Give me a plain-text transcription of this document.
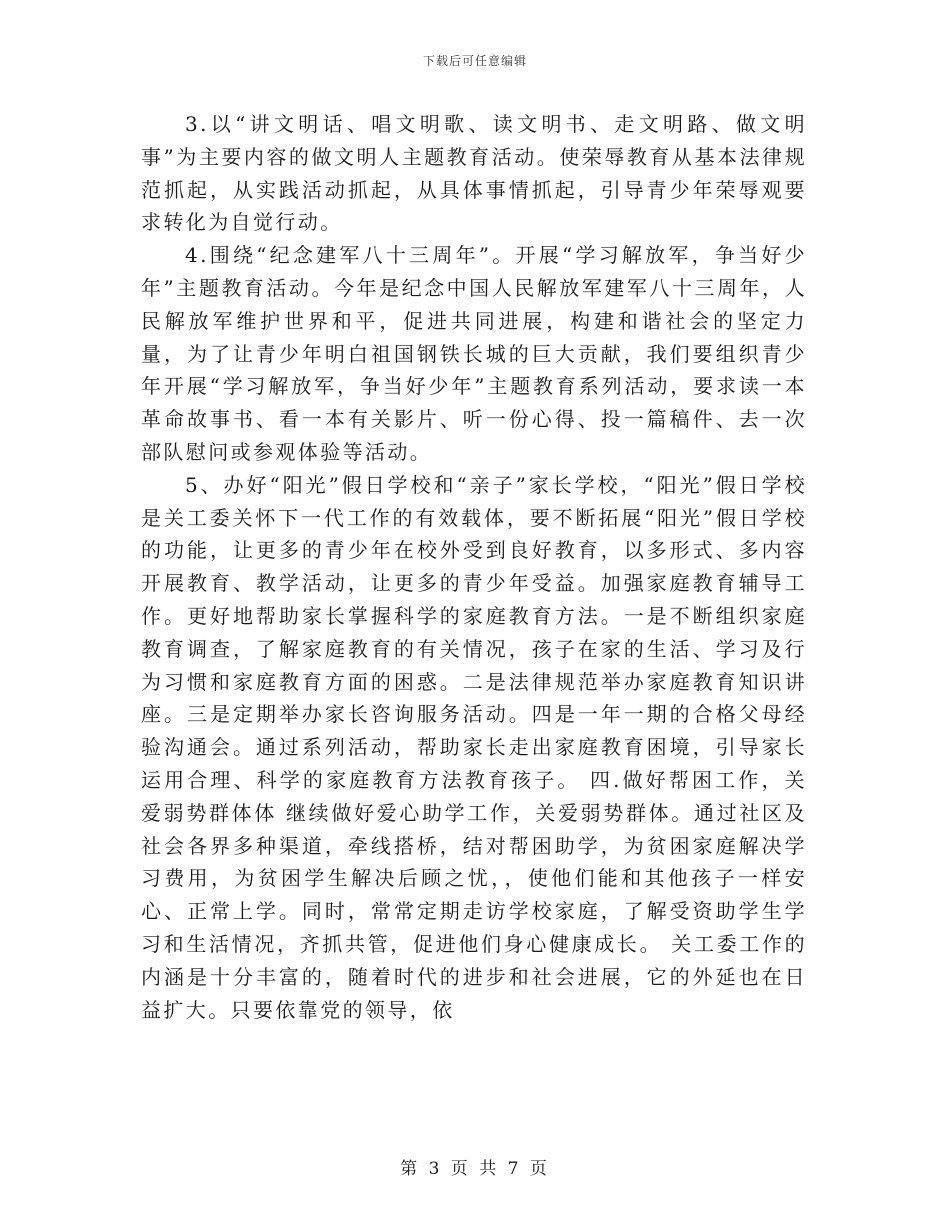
下载后可任意编辑

3.以“讲文明话、唱文明歌、读文明书、走文明路、做文明事”为主要内容的做文明人主题教育活动。使荣辱教育从基本法律规范抓起，从实践活动抓起，从具体事情抓起，引导青少年荣辱观要求转化为自觉行动。

4.围绕“纪念建军八十三周年”。开展“学习解放军，争当好少年”主题教育活动。今年是纪念中国人民解放军建军八十三周年，人民解放军维护世界和平，促进共同进展，构建和谐社会的坚定力量，为了让青少年明白祖国钢铁长城的巨大贡献，我们要组织青少年开展“学习解放军，争当好少年”主题教育系列活动，要求读一本革命故事书、看一本有关影片、听一份心得、投一篇稿件、去一次部队慰问或参观体验等活动。

5、办好“阳光”假日学校和“亲子”家长学校，“阳光”假日学校是关工委关怀下一代工作的有效载体，要不断拓展“阳光”假日学校的功能，让更多的青少年在校外受到良好教育，以多形式、多内容开展教育、教学活动，让更多的青少年受益。加强家庭教育辅导工作。更好地帮助家长掌握科学的家庭教育方法。一是不断组织家庭教育调查，了解家庭教育的有关情况，孩子在家的生活、学习及行为习惯和家庭教育方面的困惑。二是法律规范举办家庭教育知识讲座。三是定期举办家长咨询服务活动。四是一年一期的合格父母经验沟通会。通过系列活动，帮助家长走出家庭教育困境，引导家长运用合理、科学的家庭教育方法教育孩子。 四.做好帮困工作，关爱弱势群体体 继续做好爱心助学工作，关爱弱势群体。通过社区及社会各界多种渠道，牵线搭桥，结对帮困助学，为贫困家庭解决学习费用，为贫困学生解决后顾之忧，，使他们能和其他孩子一样安心、正常上学。同时，常常定期走访学校家庭，了解受资助学生学习和生活情况，齐抓共管，促进他们身心健康成长。 关工委工作的内涵是十分丰富的，随着时代的进步和社会进展，它的外延也在日益扩大。只要依靠党的领导，依

第 3 页 共 7 页
